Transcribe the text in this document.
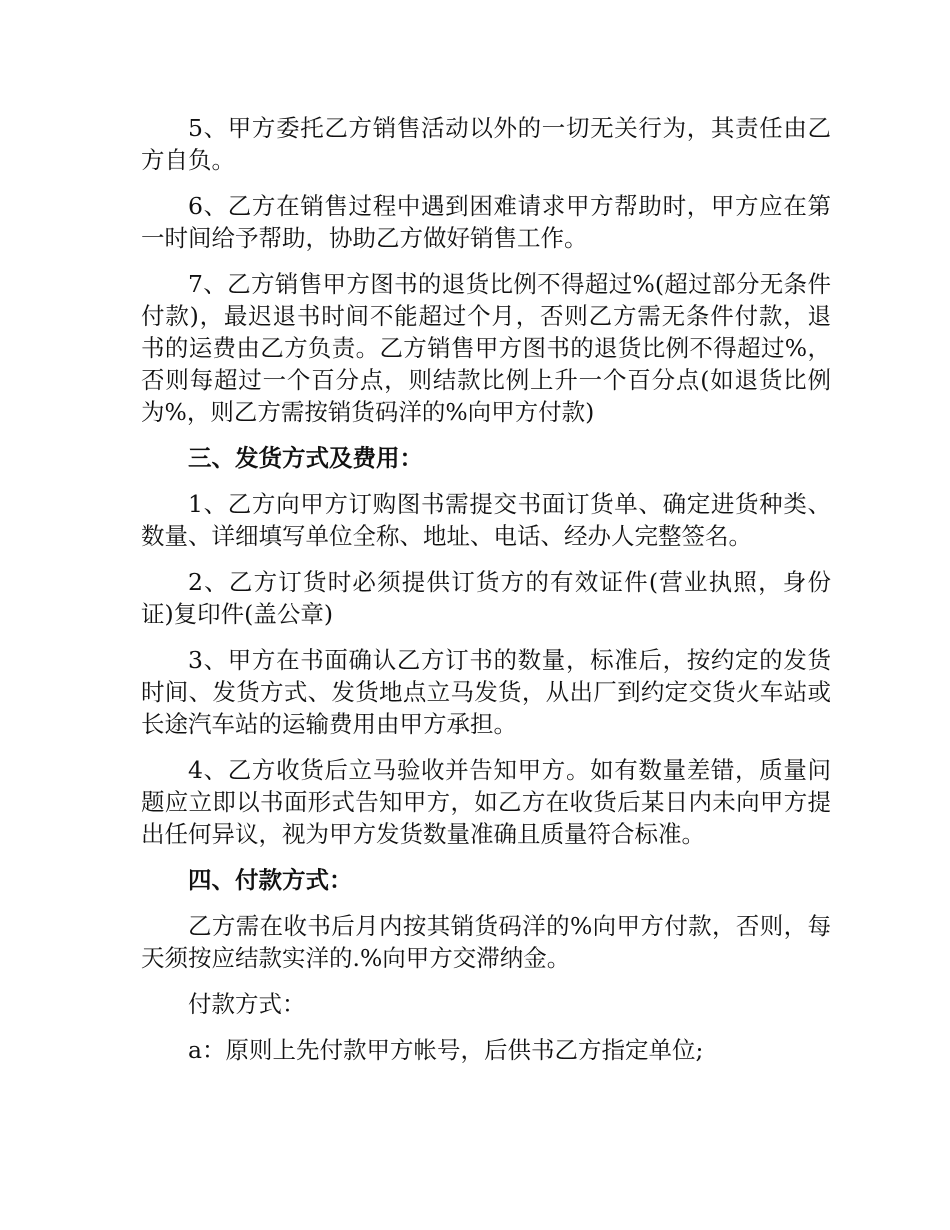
5、甲方委托乙方销售活动以外的一切无关行为，其责任由乙方自负。

6、乙方在销售过程中遇到困难请求甲方帮助时，甲方应在第一时间给予帮助，协助乙方做好销售工作。

7、乙方销售甲方图书的退货比例不得超过%(超过部分无条件付款)，最迟退书时间不能超过个月，否则乙方需无条件付款，退书的运费由乙方负责。乙方销售甲方图书的退货比例不得超过%，否则每超过一个百分点，则结款比例上升一个百分点(如退货比例为%，则乙方需按销货码洋的%向甲方付款)

三、发货方式及费用：

1、乙方向甲方订购图书需提交书面订货单、确定进货种类、数量、详细填写单位全称、地址、电话、经办人完整签名。

2、乙方订货时必须提供订货方的有效证件(营业执照，身份证)复印件(盖公章)

3、甲方在书面确认乙方订书的数量，标准后，按约定的发货时间、发货方式、发货地点立马发货，从出厂到约定交货火车站或长途汽车站的运输费用由甲方承担。

4、乙方收货后立马验收并告知甲方。如有数量差错，质量问题应立即以书面形式告知甲方，如乙方在收货后某日内未向甲方提出任何异议，视为甲方发货数量准确且质量符合标准。

四、付款方式：

乙方需在收书后月内按其销货码洋的%向甲方付款，否则，每天须按应结款实洋的.%向甲方交滞纳金。

付款方式：

a：原则上先付款甲方帐号，后供书乙方指定单位;
